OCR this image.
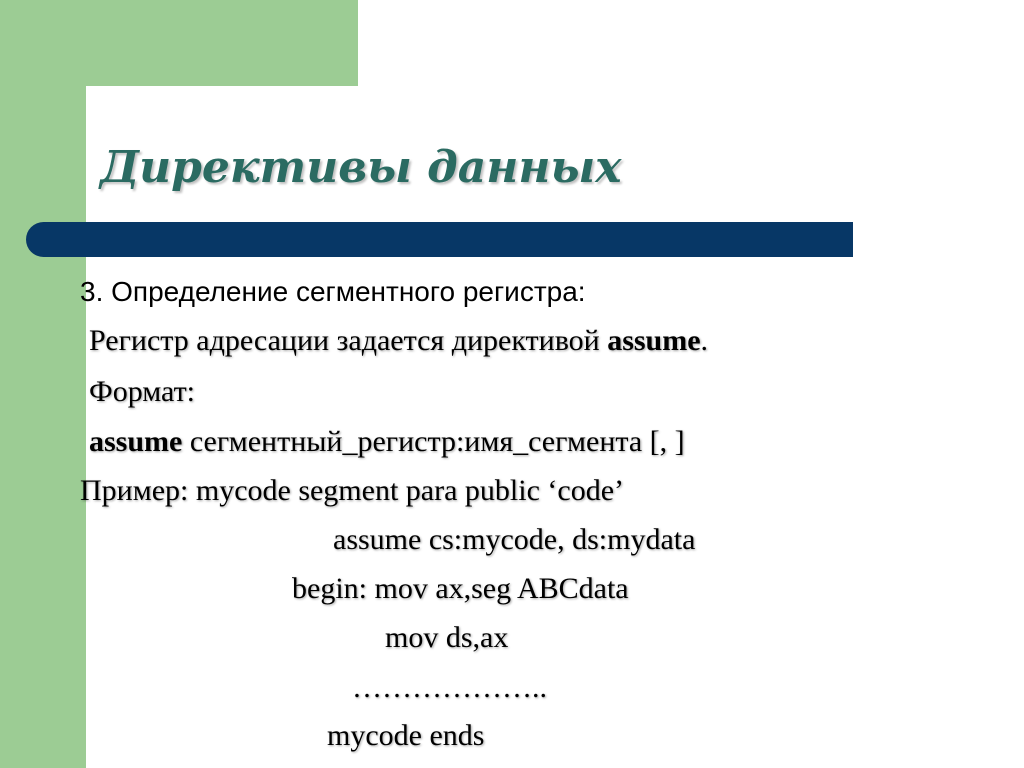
Директивы данных
3. Определение сегментного регистра:
Регистр адресации задается директивой assume.
Формат:
assume сегментный_регистр:имя_сегмента [, ]
Пример: mycode segment para public ‘code’
assume cs:mycode, ds:mydata
begin: mov ax,seg ABCdata
mov ds,ax
………………..
mycode ends
